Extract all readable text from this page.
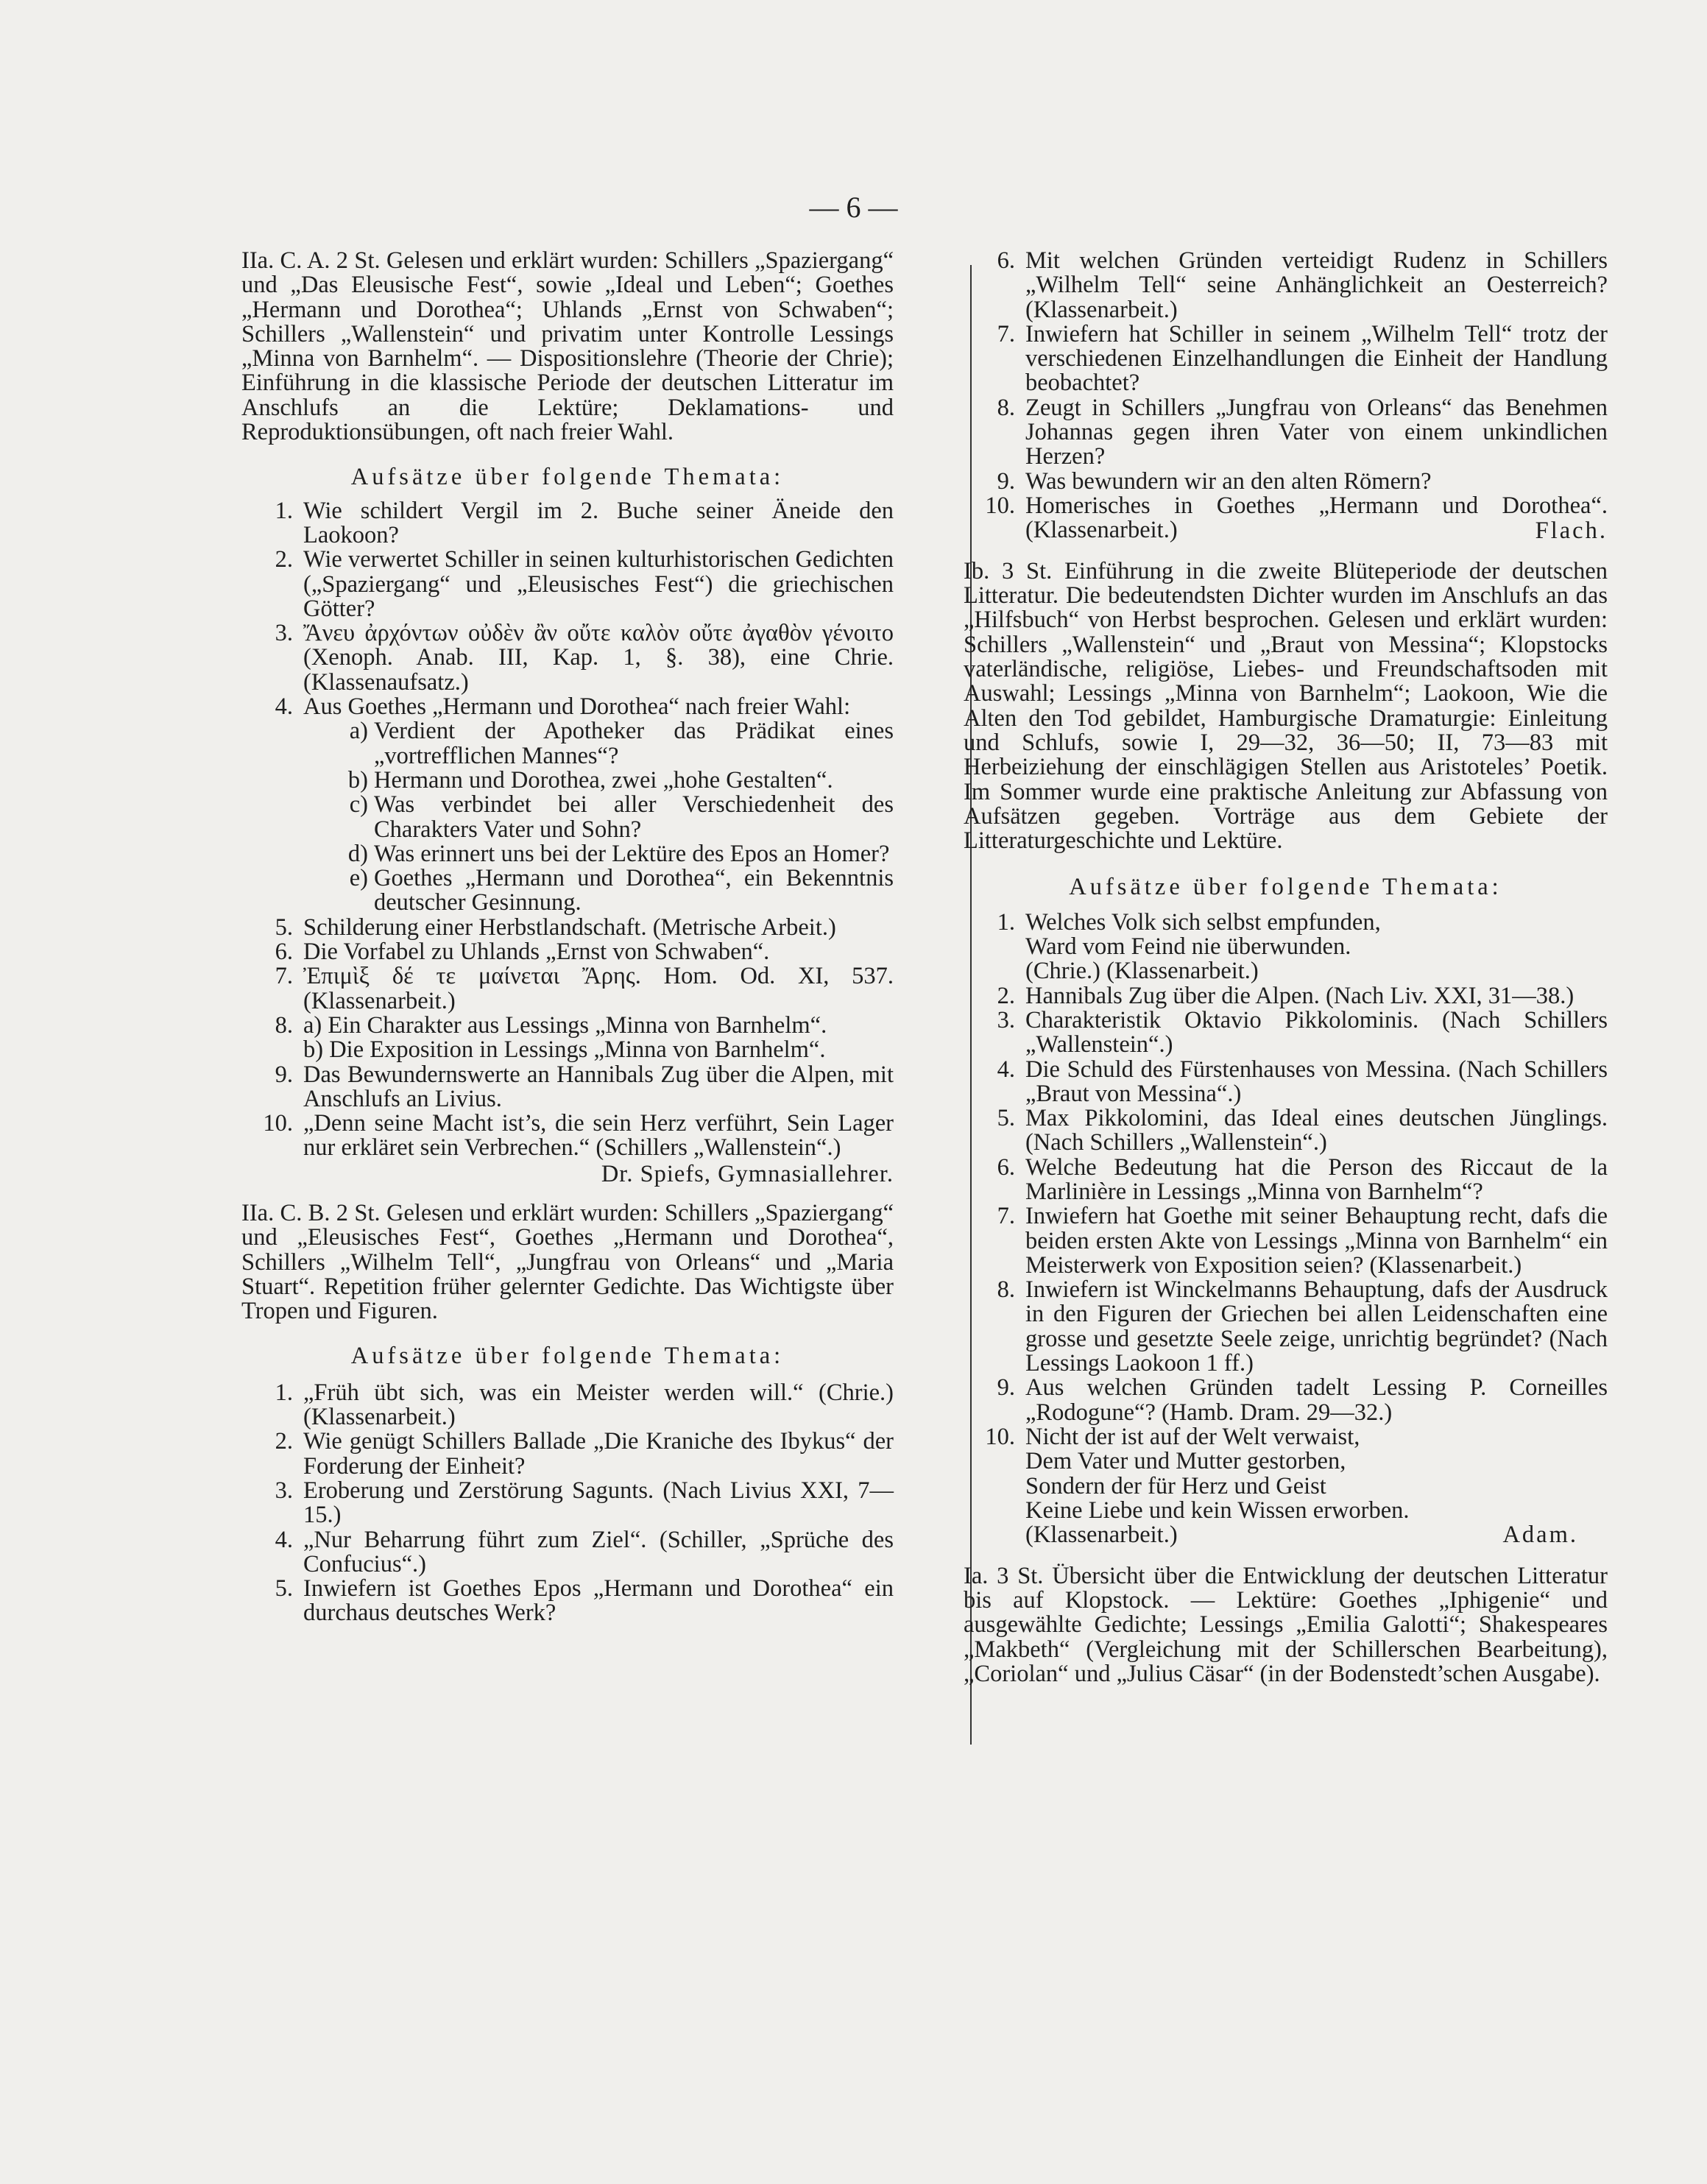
— 6 —

IIa. C. A. 2 St. Gelesen und erklärt wurden: Schillers „Spaziergang“ und „Das Eleusische Fest“, sowie „Ideal und Leben“; Goethes „Hermann und Dorothea“; Uhlands „Ernst von Schwaben“; Schillers „Wallenstein“ und privatim unter Kontrolle Lessings „Minna von Barnhelm“. — Dispositionslehre (Theorie der Chrie); Einführung in die klassische Periode der deutschen Litteratur im Anschlufs an die Lektüre; Deklamations- und Reproduktionsübungen, oft nach freier Wahl.

Aufsätze über folgende Themata:

1. Wie schildert Vergil im 2. Buche seiner Äneide den Laokoon?
2. Wie verwertet Schiller in seinen kulturhistorischen Gedichten („Spaziergang“ und „Eleusisches Fest“) die griechischen Götter?
3. Ἄνευ ἀρχόντων οὐδὲν ἂν οὔτε καλὸν οὔτε ἀγαθὸν γένοιτο (Xenoph. Anab. III, Kap. 1, §. 38), eine Chrie. (Klassenaufsatz.)
4. Aus Goethes „Hermann und Dorothea“ nach freier Wahl:
a) Verdient der Apotheker das Prädikat eines „vortrefflichen Mannes“?
b) Hermann und Dorothea, zwei „hohe Gestalten“.
c) Was verbindet bei aller Verschiedenheit des Charakters Vater und Sohn?
d) Was erinnert uns bei der Lektüre des Epos an Homer?
e) Goethes „Hermann und Dorothea“, ein Bekenntnis deutscher Gesinnung.
5. Schilderung einer Herbstlandschaft. (Metrische Arbeit.)
6. Die Vorfabel zu Uhlands „Ernst von Schwaben“.
7. Ἐπιμὶξ δέ τε μαίνεται Ἄρης. Hom. Od. XI, 537. (Klassenarbeit.)
8. a) Ein Charakter aus Lessings „Minna von Barnhelm“.
b) Die Exposition in Lessings „Minna von Barnhelm“.
9. Das Bewundernswerte an Hannibals Zug über die Alpen, mit Anschlufs an Livius.
10. „Denn seine Macht ist’s, die sein Herz verführt, Sein Lager nur erkläret sein Verbrechen.“ (Schillers „Wallenstein“.)

Dr. Spiefs, Gymnasiallehrer.

IIa. C. B. 2 St. Gelesen und erklärt wurden: Schillers „Spaziergang“ und „Eleusisches Fest“, Goethes „Hermann und Dorothea“, Schillers „Wilhelm Tell“, „Jungfrau von Orleans“ und „Maria Stuart“. Repetition früher gelernter Gedichte. Das Wichtigste über Tropen und Figuren.

Aufsätze über folgende Themata:

1. „Früh übt sich, was ein Meister werden will.“ (Chrie.) (Klassenarbeit.)
2. Wie genügt Schillers Ballade „Die Kraniche des Ibykus“ der Forderung der Einheit?
3. Eroberung und Zerstörung Sagunts. (Nach Livius XXI, 7—15.)
4. „Nur Beharrung führt zum Ziel“. (Schiller, „Sprüche des Confucius“.)
5. Inwiefern ist Goethes Epos „Hermann und Dorothea“ ein durchaus deutsches Werk?
6. Mit welchen Gründen verteidigt Rudenz in Schillers „Wilhelm Tell“ seine Anhänglichkeit an Oesterreich? (Klassenarbeit.)
7. Inwiefern hat Schiller in seinem „Wilhelm Tell“ trotz der verschiedenen Einzelhandlungen die Einheit der Handlung beobachtet?
8. Zeugt in Schillers „Jungfrau von Orleans“ das Benehmen Johannas gegen ihren Vater von einem unkindlichen Herzen?
9. Was bewundern wir an den alten Römern?
10. Homerisches in Goethes „Hermann und Dorothea“. (Klassenarbeit.)	Flach.

Ib. 3 St. Einführung in die zweite Blüteperiode der deutschen Litteratur. Die bedeutendsten Dichter wurden im Anschlufs an das „Hilfsbuch“ von Herbst besprochen. Gelesen und erklärt wurden: Schillers „Wallenstein“ und „Braut von Messina“; Klopstocks vaterländische, religiöse, Liebes- und Freundschaftsoden mit Auswahl; Lessings „Minna von Barnhelm“; Laokoon, Wie die Alten den Tod gebildet, Hamburgische Dramaturgie: Einleitung und Schlufs, sowie I, 29—32, 36—50; II, 73—83 mit Herbeiziehung der einschlägigen Stellen aus Aristoteles’ Poetik. Im Sommer wurde eine praktische Anleitung zur Abfassung von Aufsätzen gegeben. Vorträge aus dem Gebiete der Litteraturgeschichte und Lektüre.

Aufsätze über folgende Themata:

1. Welches Volk sich selbst empfunden,
Ward vom Feind nie überwunden.
(Chrie.) (Klassenarbeit.)
2. Hannibals Zug über die Alpen. (Nach Liv. XXI, 31—38.)
3. Charakteristik Oktavio Pikkolominis. (Nach Schillers „Wallenstein“.)
4. Die Schuld des Fürstenhauses von Messina. (Nach Schillers „Braut von Messina“.)
5. Max Pikkolomini, das Ideal eines deutschen Jünglings. (Nach Schillers „Wallenstein“.)
6. Welche Bedeutung hat die Person des Riccaut de la Marlinière in Lessings „Minna von Barnhelm“?
7. Inwiefern hat Goethe mit seiner Behauptung recht, dafs die beiden ersten Akte von Lessings „Minna von Barnhelm“ ein Meisterwerk von Exposition seien? (Klassenarbeit.)
8. Inwiefern ist Winckelmanns Behauptung, dafs der Ausdruck in den Figuren der Griechen bei allen Leidenschaften eine grosse und gesetzte Seele zeige, unrichtig begründet? (Nach Lessings Laokoon 1 ff.)
9. Aus welchen Gründen tadelt Lessing P. Corneilles „Rodogune“? (Hamb. Dram. 29—32.)
10. Nicht der ist auf der Welt verwaist,
Dem Vater und Mutter gestorben,
Sondern der für Herz und Geist
Keine Liebe und kein Wissen erworben.
(Klassenarbeit.)	Adam.

Ia. 3 St. Übersicht über die Entwicklung der deutschen Litteratur bis auf Klopstock. — Lektüre: Goethes „Iphigenie“ und ausgewählte Gedichte; Lessings „Emilia Galotti“; Shakespeares „Makbeth“ (Vergleichung mit der Schillerschen Bearbeitung), „Coriolan“ und „Julius Cäsar“ (in der Bodenstedt’schen Ausgabe).
